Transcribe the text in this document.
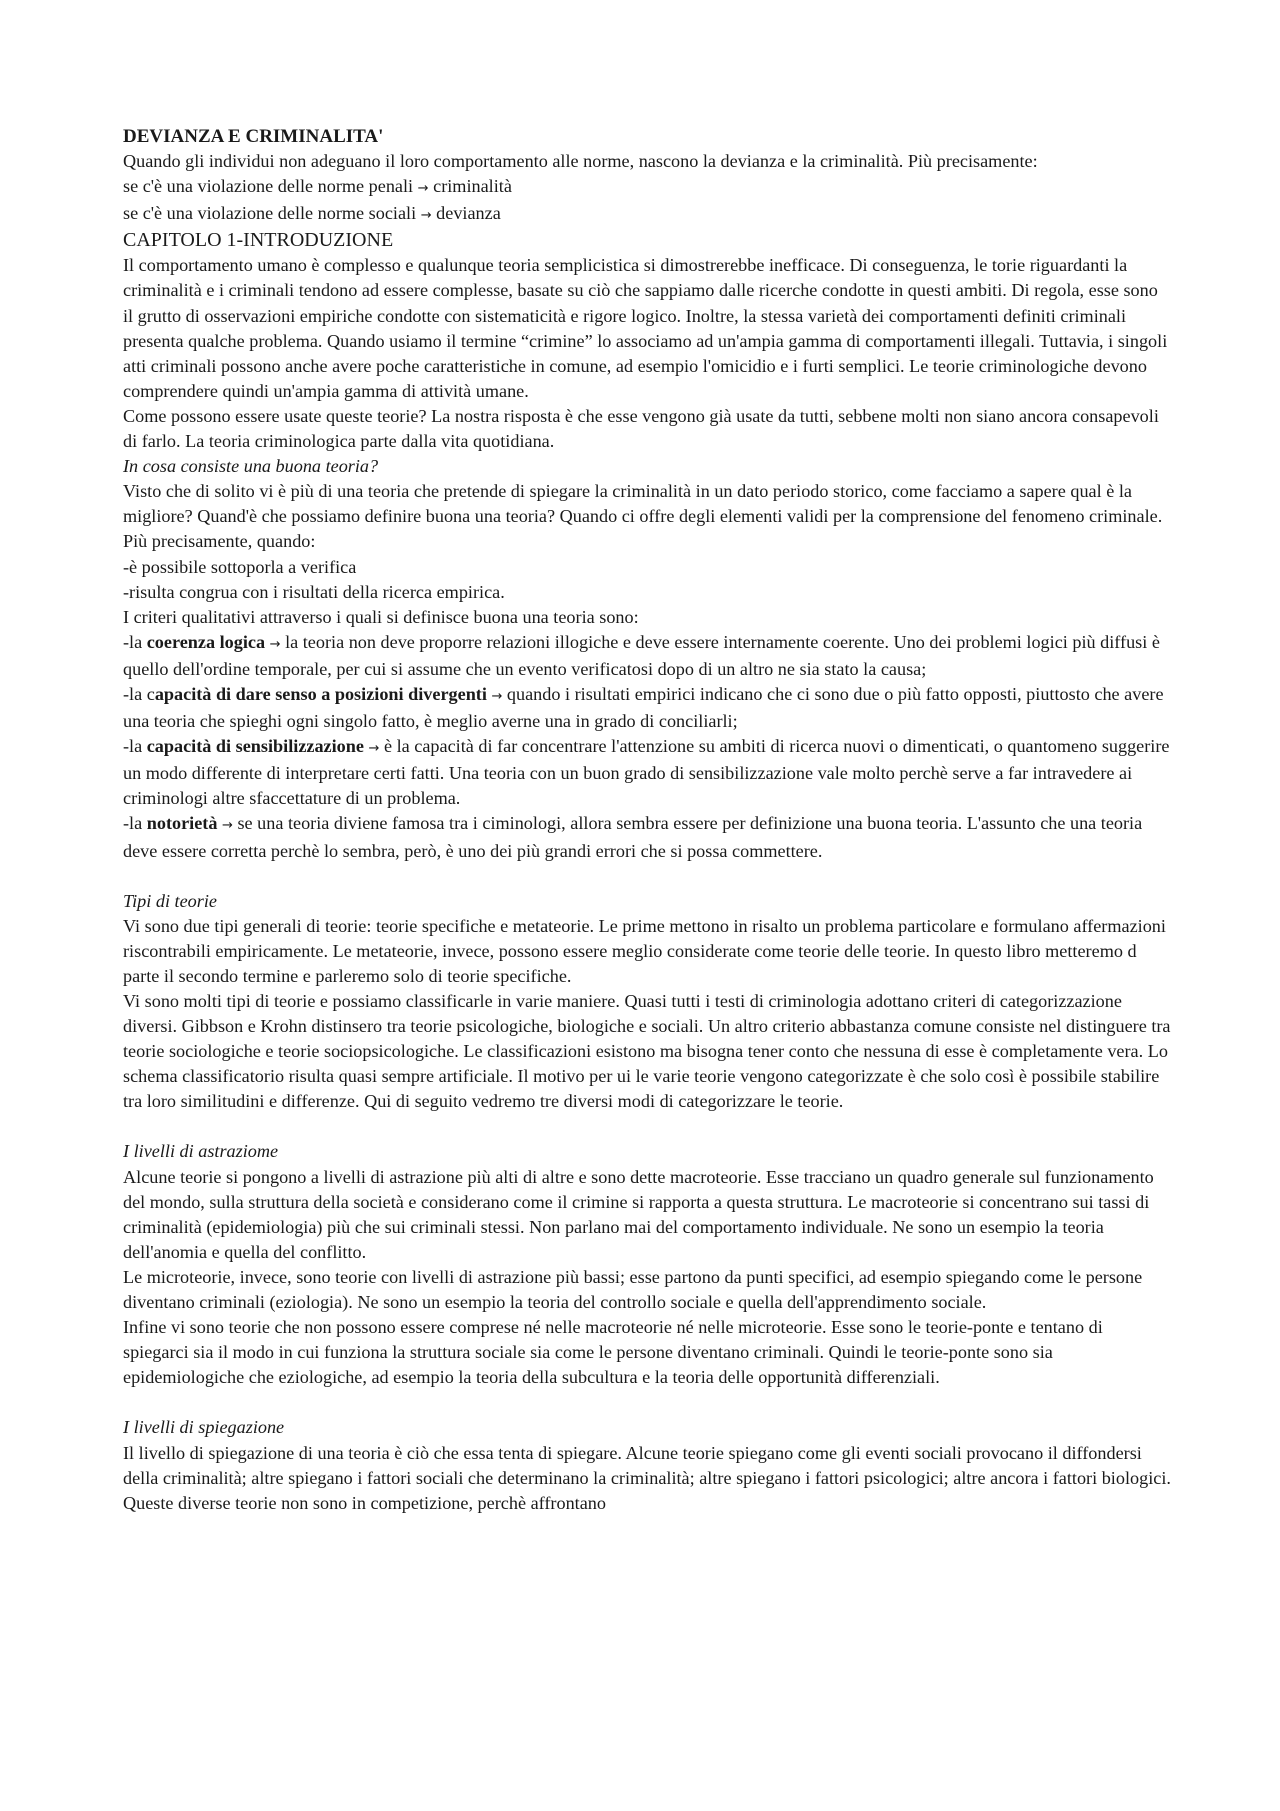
DEVIANZA E CRIMINALITA'

Quando gli individui non adeguano il loro comportamento alle norme, nascono la devianza e la criminalità. Più precisamente:

se c'è una violazione delle norme penali → criminalità

se c'è una violazione delle norme sociali → devianza

CAPITOLO 1-INTRODUZIONE

Il comportamento umano è complesso e qualunque teoria semplicistica si dimostrerebbe inefficace. Di conseguenza, le torie riguardanti la criminalità e i criminali tendono ad essere complesse, basate su ciò che sappiamo dalle ricerche condotte in questi ambiti. Di regola, esse sono il grutto di osservazioni empiriche condotte con sistematicità e rigore logico. Inoltre, la stessa varietà dei comportamenti definiti criminali presenta qualche problema. Quando usiamo il termine “crimine” lo associamo ad un'ampia gamma di comportamenti illegali. Tuttavia, i singoli atti criminali possono anche avere poche caratteristiche in comune, ad esempio l'omicidio e i furti semplici. Le teorie criminologiche devono comprendere quindi un'ampia gamma di attività umane.

Come possono essere usate queste teorie? La nostra risposta è che esse vengono già usate da tutti, sebbene molti non siano ancora consapevoli di farlo. La teoria criminologica parte dalla vita quotidiana.

In cosa consiste una buona teoria?

Visto che di solito vi è più di una teoria che pretende di spiegare la criminalità in un dato periodo storico, come facciamo a sapere qual è la migliore? Quand'è che possiamo definire buona una teoria? Quando ci offre degli elementi validi per la comprensione del fenomeno criminale. Più precisamente, quando:

-è possibile sottoporla a verifica

-risulta congrua con i risultati della ricerca empirica.

I criteri qualitativi attraverso i quali si definisce buona una teoria sono:

-la coerenza logica → la teoria non deve proporre relazioni illogiche e deve essere internamente coerente. Uno dei problemi logici più diffusi è quello dell'ordine temporale, per cui si assume che un evento verificatosi dopo di un altro ne sia stato la causa;

-la capacità di dare senso a posizioni divergenti → quando i risultati empirici indicano che ci sono due o più fatto opposti, piuttosto che avere una teoria che spieghi ogni singolo fatto, è meglio averne una in grado di conciliarli;

-la capacità di sensibilizzazione → è la capacità di far concentrare l'attenzione su ambiti di ricerca nuovi o dimenticati, o quantomeno suggerire un modo differente di interpretare certi fatti. Una teoria con un buon grado di sensibilizzazione vale molto perchè serve a far intravedere ai criminologi altre sfaccettature di un problema.

-la notorietà → se una teoria diviene famosa tra i ciminologi, allora sembra essere per definizione una buona teoria. L'assunto che una teoria deve essere corretta perchè lo sembra, però, è uno dei più grandi errori che si possa commettere.

Tipi di teorie

Vi sono due tipi generali di teorie: teorie specifiche e metateorie. Le prime mettono in risalto un problema particolare e formulano affermazioni riscontrabili empiricamente. Le metateorie, invece, possono essere meglio considerate come teorie delle teorie. In questo libro metteremo d parte il secondo termine e parleremo solo di teorie specifiche.

Vi sono molti tipi di teorie e possiamo classificarle in varie maniere. Quasi tutti i testi di criminologia adottano criteri di categorizzazione diversi. Gibbson e Krohn distinsero tra teorie psicologiche, biologiche e sociali. Un altro criterio abbastanza comune consiste nel distinguere tra teorie sociologiche e teorie sociopsicologiche. Le classificazioni esistono ma bisogna tener conto che nessuna di esse è completamente vera. Lo schema classificatorio risulta quasi sempre artificiale. Il motivo per ui le varie teorie vengono categorizzate è che solo così è possibile stabilire tra loro similitudini e differenze. Qui di seguito vedremo tre diversi modi di categorizzare le teorie.

I livelli di astraziome

Alcune teorie si pongono a livelli di astrazione più alti di altre e sono dette macroteorie. Esse tracciano un quadro generale sul funzionamento del mondo, sulla struttura della società e considerano come il crimine si rapporta a questa struttura. Le macroteorie si concentrano sui tassi di criminalità (epidemiologia) più che sui criminali stessi. Non parlano mai del comportamento individuale. Ne sono un esempio la teoria dell'anomia e quella del conflitto.

Le microteorie, invece, sono teorie con livelli di astrazione più bassi; esse partono da punti specifici, ad esempio spiegando come le persone diventano criminali (eziologia). Ne sono un esempio la teoria del controllo sociale e quella dell'apprendimento sociale.

Infine vi sono teorie che non possono essere comprese né nelle macroteorie né nelle microteorie. Esse sono le teorie-ponte e tentano di spiegarci sia il modo in cui funziona la struttura sociale sia come le persone diventano criminali. Quindi le teorie-ponte sono sia epidemiologiche che eziologiche, ad esempio la teoria della subcultura e la teoria delle opportunità differenziali.

I livelli di spiegazione

Il livello di spiegazione di una teoria è ciò che essa tenta di spiegare. Alcune teorie spiegano come gli eventi sociali provocano il diffondersi della criminalità; altre spiegano i fattori sociali che determinano la criminalità; altre spiegano i fattori psicologici; altre ancora i fattori biologici. Queste diverse teorie non sono in competizione, perchè affrontano
